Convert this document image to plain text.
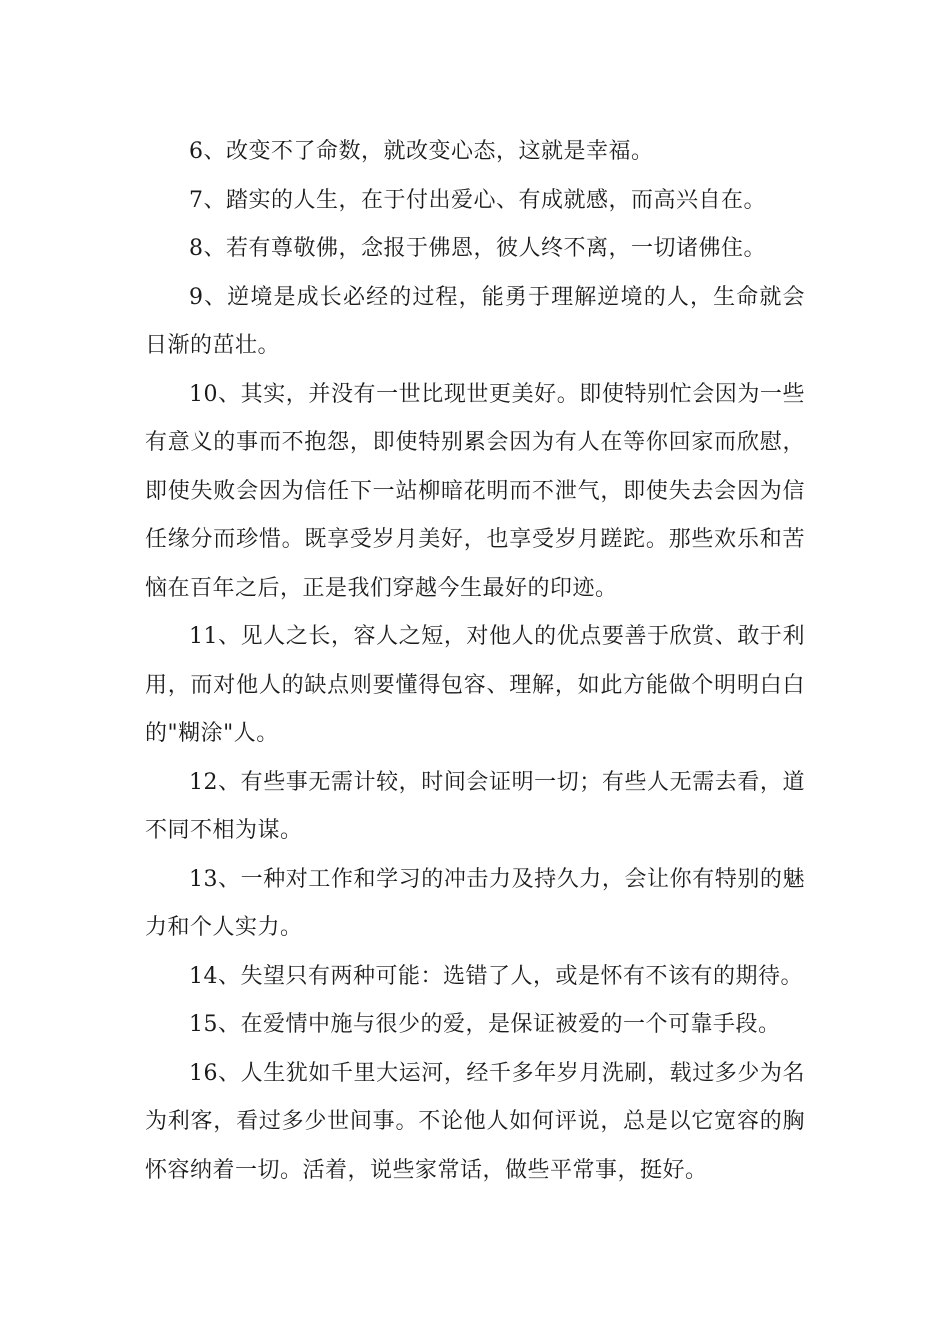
6、改变不了命数，就改变心态，这就是幸福。

7、踏实的人生，在于付出爱心、有成就感，而高兴自在。

8、若有尊敬佛，念报于佛恩，彼人终不离，一切诸佛住。

9、逆境是成长必经的过程，能勇于理解逆境的人，生命就会日渐的茁壮。

10、其实，并没有一世比现世更美好。即使特别忙会因为一些有意义的事而不抱怨，即使特别累会因为有人在等你回家而欣慰，即使失败会因为信任下一站柳暗花明而不泄气，即使失去会因为信任缘分而珍惜。既享受岁月美好，也享受岁月蹉跎。那些欢乐和苦恼在百年之后，正是我们穿越今生最好的印迹。

11、见人之长，容人之短，对他人的优点要善于欣赏、敢于利用，而对他人的缺点则要懂得包容、理解，如此方能做个明明白白的"糊涂"人。

12、有些事无需计较，时间会证明一切；有些人无需去看，道不同不相为谋。

13、一种对工作和学习的冲击力及持久力，会让你有特别的魅力和个人实力。

14、失望只有两种可能：选错了人，或是怀有不该有的期待。

15、在爱情中施与很少的爱，是保证被爱的一个可靠手段。

16、人生犹如千里大运河，经千多年岁月洗刷，载过多少为名为利客，看过多少世间事。不论他人如何评说，总是以它宽容的胸怀容纳着一切。活着，说些家常话，做些平常事，挺好。
